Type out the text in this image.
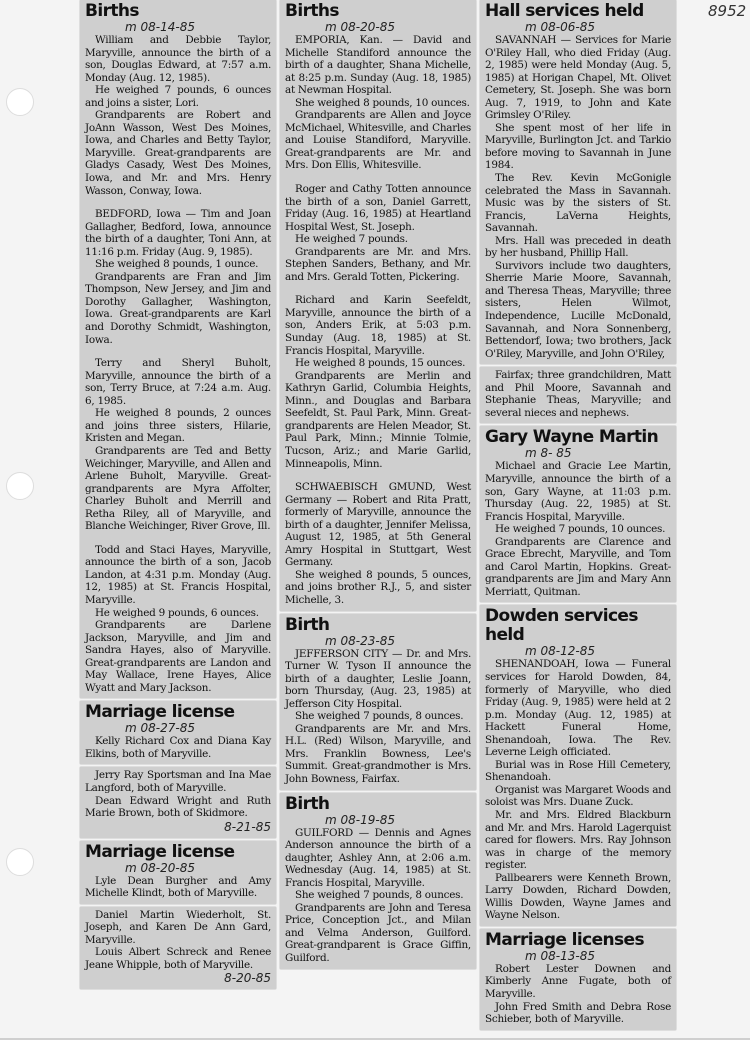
8952
Births
m 08-14-85

William and Debbie Taylor, Maryville, announce the birth of a son, Douglas Edward, at 7:57 a.m. Monday (Aug. 12, 1985).

He weighed 7 pounds, 6 ounces and joins a sister, Lori.

Grandparents are Robert and JoAnn Wasson, West Des Moines, Iowa, and Charles and Betty Taylor, Maryville. Great-grandparents are Gladys Casady, West Des Moines, Iowa, and Mr. and Mrs. Henry Wasson, Conway, Iowa.

BEDFORD, Iowa — Tim and Joan Gallagher, Bedford, Iowa, announce the birth of a daughter, Toni Ann, at 11:16 p.m. Friday (Aug. 9, 1985).

She weighed 8 pounds, 1 ounce.

Grandparents are Fran and Jim Thompson, New Jersey, and Jim and Dorothy Gallagher, Washington, Iowa. Great-grandparents are Karl and Dorothy Schmidt, Washington, Iowa.

Terry and Sheryl Buholt, Maryville, announce the birth of a son, Terry Bruce, at 7:24 a.m. Aug. 6, 1985.

He weighed 8 pounds, 2 ounces and joins three sisters, Hilarie, Kristen and Megan.

Grandparents are Ted and Betty Weichinger, Maryville, and Allen and Arlene Buholt, Maryville. Great-grandparents are Myra Affolter, Charley Buholt and Merrill and Retha Riley, all of Maryville, and Blanche Weichinger, River Grove, Ill.

Todd and Staci Hayes, Maryville, announce the birth of a son, Jacob Landon, at 4:31 p.m. Monday (Aug. 12, 1985) at St. Francis Hospital, Maryville.

He weighed 9 pounds, 6 ounces.

Grandparents are Darlene Jackson, Maryville, and Jim and Sandra Hayes, also of Maryville. Great-grandparents are Landon and May Wallace, Irene Hayes, Alice Wyatt and Mary Jackson.

Marriage license
m 08-27-85

Kelly Richard Cox and Diana Kay Elkins, both of Maryville.

Jerry Ray Sportsman and Ina Mae Langford, both of Maryville.

Dean Edward Wright and Ruth Marie Brown, both of Skidmore.

8-21-85
Marriage license
m 08-20-85

Lyle Dean Burgher and Amy Michelle Klindt, both of Maryville.

Daniel Martin Wiederholt, St. Joseph, and Karen De Ann Gard, Maryville.

Louis Albert Schreck and Renee Jeane Whipple, both of Maryville.

8-20-85
Births
m 08-20-85

EMPORIA, Kan. — David and Michelle Standiford announce the birth of a daughter, Shana Michelle, at 8:25 p.m. Sunday (Aug. 18, 1985) at Newman Hospital.

She weighed 8 pounds, 10 ounces.

Grandparents are Allen and Joyce McMichael, Whitesville, and Charles and Louise Standiford, Maryville. Great-grandparents are Mr. and Mrs. Don Ellis, Whitesville.

Roger and Cathy Totten announce the birth of a son, Daniel Garrett, Friday (Aug. 16, 1985) at Heartland Hospital West, St. Joseph.

He weighed 7 pounds.

Grandparents are Mr. and Mrs. Stephen Sanders, Bethany, and Mr. and Mrs. Gerald Totten, Pickering.

Richard and Karin Seefeldt, Maryville, announce the birth of a son, Anders Erik, at 5:03 p.m. Sunday (Aug. 18, 1985) at St. Francis Hospital, Maryville.

He weighed 8 pounds, 15 ounces.

Grandparents are Merlin and Kathryn Garlid, Columbia Heights, Minn., and Douglas and Barbara Seefeldt, St. Paul Park, Minn. Great-grandparents are Helen Meador, St. Paul Park, Minn.; Minnie Tolmie, Tucson, Ariz.; and Marie Garlid, Minneapolis, Minn.

SCHWAEBISCH GMUND, West Germany — Robert and Rita Pratt, formerly of Maryville, announce the birth of a daughter, Jennifer Melissa, August 12, 1985, at 5th General Amry Hospital in Stuttgart, West Germany.

She weighed 8 pounds, 5 ounces, and joins brother R.J., 5, and sister Michelle, 3.

Birth
m 08-23-85

JEFFERSON CITY — Dr. and Mrs. Turner W. Tyson II announce the birth of a daughter, Leslie Joann, born Thursday, (Aug. 23, 1985) at Jefferson City Hospital.

She weighed 7 pounds, 8 ounces.

Grandparents are Mr. and Mrs. H.L. (Red) Wilson, Maryville, and Mrs. Franklin Bowness, Lee's Summit. Great-grandmother is Mrs. John Bowness, Fairfax.

Birth
m 08-19-85

GUILFORD — Dennis and Agnes Anderson announce the birth of a daughter, Ashley Ann, at 2:06 a.m. Wednesday (Aug. 14, 1985) at St. Francis Hospital, Maryville.

She weighed 7 pounds, 8 ounces.

Grandparents are John and Teresa Price, Conception Jct., and Milan and Velma Anderson, Guilford. Great-grandparent is Grace Giffin, Guilford.

Hall services held
m 08-06-85

SAVANNAH — Services for Marie O'Riley Hall, who died Friday (Aug. 2, 1985) were held Monday (Aug. 5, 1985) at Horigan Chapel, Mt. Olivet Cemetery, St. Joseph. She was born Aug. 7, 1919, to John and Kate Grimsley O'Riley.

She spent most of her life in Maryville, Burlington Jct. and Tarkio before moving to Savannah in June 1984.

The Rev. Kevin McGonigle celebrated the Mass in Savannah. Music was by the sisters of St. Francis, LaVerna Heights, Savannah.

Mrs. Hall was preceded in death by her husband, Phillip Hall.

Survivors include two daughters, Sherrie Marie Moore, Savannah, and Theresa Theas, Maryville; three sisters, Helen Wilmot, Independence, Lucille McDonald, Savannah, and Nora Sonnenberg, Bettendorf, Iowa; two brothers, Jack O'Riley, Maryville, and John O'Riley,

Fairfax; three grandchildren, Matt and Phil Moore, Savannah and Stephanie Theas, Maryville; and several nieces and nephews.

Gary Wayne Martin
m 8- 85

Michael and Gracie Lee Martin, Maryville, announce the birth of a son, Gary Wayne, at 11:03 p.m. Thursday (Aug. 22, 1985) at St. Francis Hospital, Maryville.

He weighed 7 pounds, 10 ounces.

Grandparents are Clarence and Grace Ebrecht, Maryville, and Tom and Carol Martin, Hopkins. Great-grandparents are Jim and Mary Ann Merriatt, Quitman.

Dowden services held
m 08-12-85

SHENANDOAH, Iowa — Funeral services for Harold Dowden, 84, formerly of Maryville, who died Friday (Aug. 9, 1985) were held at 2 p.m. Monday (Aug. 12, 1985) at Hackett Funeral Home, Shenandoah, Iowa. The Rev. Leverne Leigh officiated.

Burial was in Rose Hill Cemetery, Shenandoah.

Organist was Margaret Woods and soloist was Mrs. Duane Zuck.

Mr. and Mrs. Eldred Blackburn and Mr. and Mrs. Harold Lagerquist cared for flowers. Mrs. Ray Johnson was in charge of the memory register.

Pallbearers were Kenneth Brown, Larry Dowden, Richard Dowden, Willis Dowden, Wayne James and Wayne Nelson.

Marriage licenses
m 08-13-85

Robert Lester Downen and Kimberly Anne Fugate, both of Maryville.

John Fred Smith and Debra Rose Schieber, both of Maryville.
